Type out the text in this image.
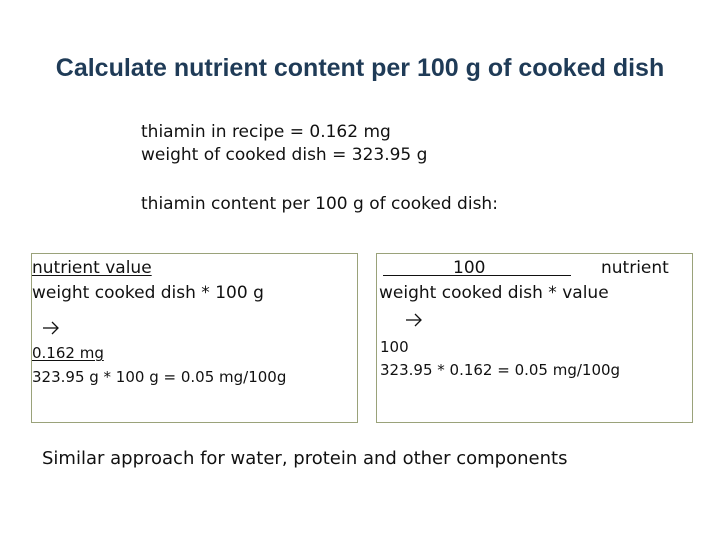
Calculate nutrient content per 100 g of cooked dish
thiamin in recipe = 0.162 mg
weight of cooked dish = 323.95 g
thiamin content per 100 g of cooked dish:
nutrient value
weight cooked dish * 100 g
0.162 mg
323.95 g * 100 g = 0.05 mg/100g
100	nutrient
weight cooked dish * value
100
323.95 * 0.162 = 0.05 mg/100g
Similar approach for water, protein and other components
